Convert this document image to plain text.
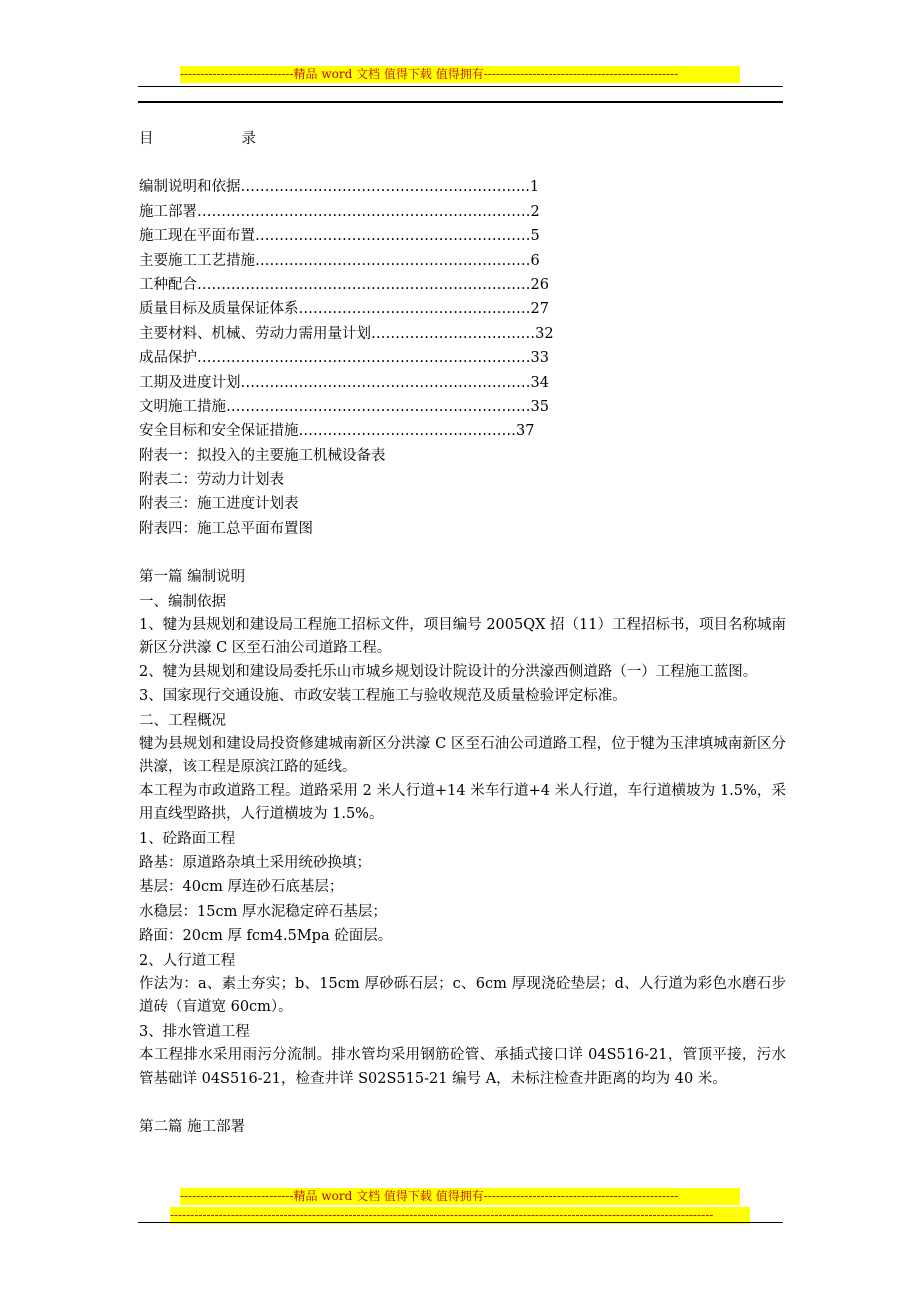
----------------------------精品 word 文档 值得下载 值得拥有------------------------------------------------
目	录
编制说明和依据…………………………………………………...1
施工部署……………………………………………………………2
施工现在平面布置…………………………………………………5
主要施工工艺措施…………………………………………………6
工种配合……………………………………………………………26
质量目标及质量保证体系…………………………………………27
主要材料、机械、劳动力需用量计划………………………….…32
成品保护……………………………………………………………33
工期及进度计划……………………………………………………34
文明施工措施………………………………………………………35
安全目标和安全保证措施………………………………………37
附表一：拟投入的主要施工机械设备表
附表二：劳动力计划表
附表三：施工进度计划表
附表四：施工总平面布置图
第一篇 编制说明
一、编制依据
1、犍为县规划和建设局工程施工招标文件，项目编号 2005QX 招（11）工程招标书，项目名称城南新区分洪濠 C 区至石油公司道路工程。
2、犍为县规划和建设局委托乐山市城乡规划设计院设计的分洪濠西侧道路（一）工程施工蓝图。
3、国家现行交通设施、市政安装工程施工与验收规范及质量检验评定标准。
二、工程概况
犍为县规划和建设局投资修建城南新区分洪濠 C 区至石油公司道路工程，位于犍为玉津填城南新区分洪濠，该工程是原滨江路的延线。
本工程为市政道路工程。道路采用 2 米人行道+14 米车行道+4 米人行道，车行道横坡为 1.5%，采用直线型路拱，人行道横坡为 1.5%。
1、砼路面工程
路基：原道路杂填土采用统砂换填；
基层：40cm 厚连砂石底基层；
水稳层：15cm 厚水泥稳定碎石基层；
路面：20cm 厚 fcm4.5Mpa 砼面层。
2、人行道工程
作法为：a、素土夯实；b、15cm 厚砂砾石层；c、6cm 厚现浇砼垫层；d、人行道为彩色水磨石步道砖（盲道宽 60cm）。
3、排水管道工程
本工程排水采用雨污分流制。排水管均采用钢筋砼管、承插式接口详 04S516-21，管顶平接，污水管基础详 04S516-21，检查井详 S02S515-21 编号 A，未标注检查井距离的均为 40 米。
第二篇 施工部署
----------------------------精品 word 文档 值得下载 值得拥有------------------------------------------------
--------------------------------------------------------------------------------------------------------------------------------------
